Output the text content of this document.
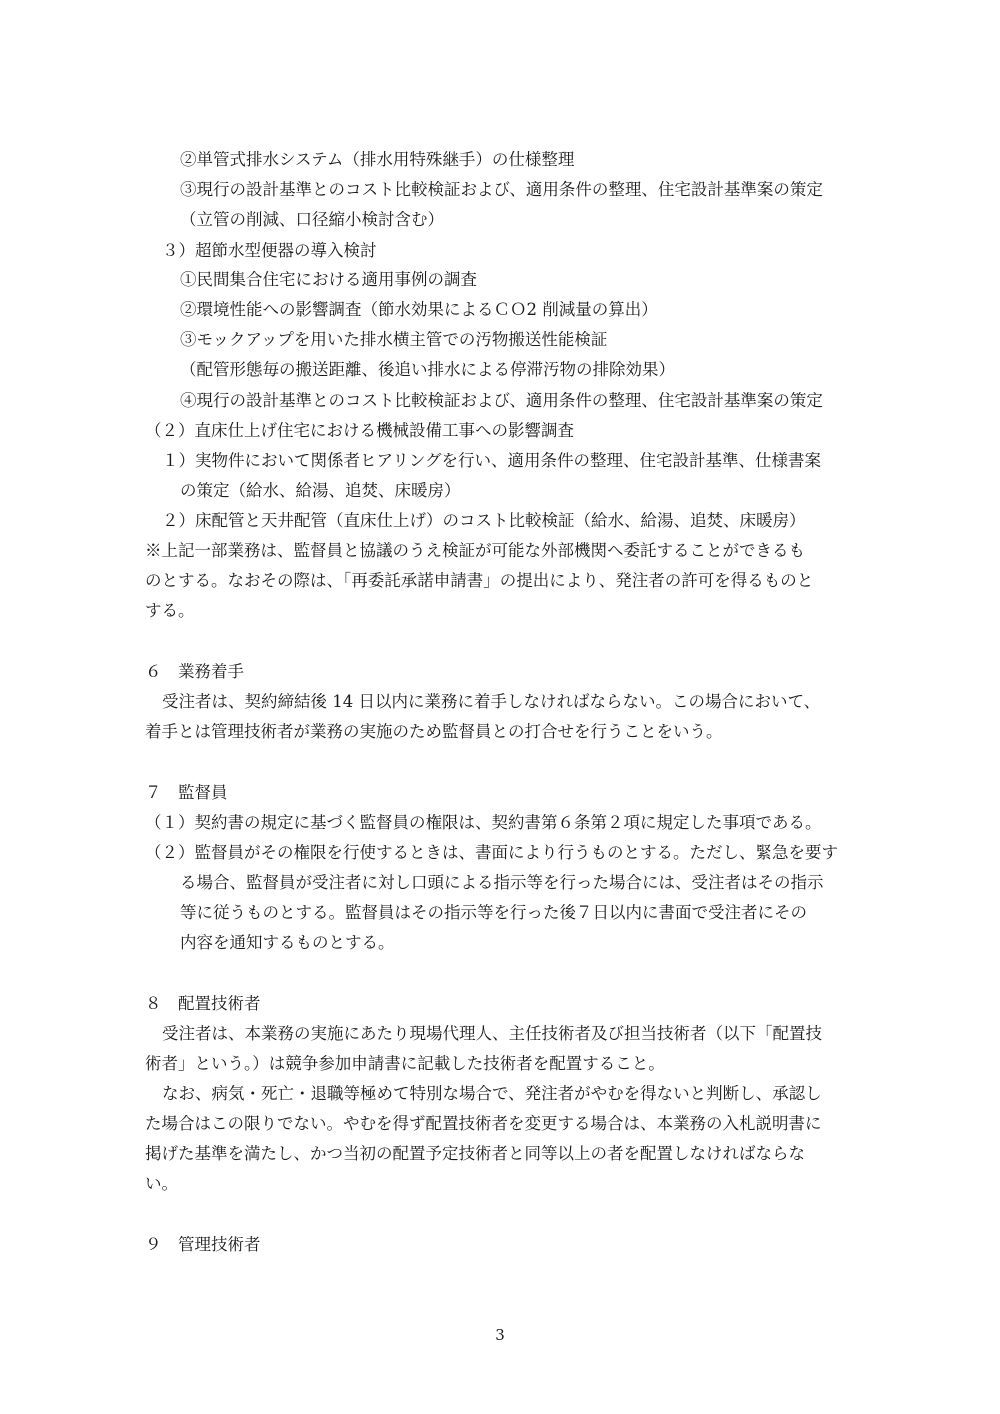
②単管式排水システム（排水用特殊継手）の仕様整理
③現行の設計基準とのコスト比較検証および、適用条件の整理、住宅設計基準案の策定
（立管の削減、口径縮小検討含む）
３）超節水型便器の導入検討
①民間集合住宅における適用事例の調査
②環境性能への影響調査（節水効果によるＣＯ2 削減量の算出）
③モックアップを用いた排水横主管での汚物搬送性能検証
（配管形態毎の搬送距離、後追い排水による停滞汚物の排除効果）
④現行の設計基準とのコスト比較検証および、適用条件の整理、住宅設計基準案の策定
（２）直床仕上げ住宅における機械設備工事への影響調査
１）実物件において関係者ヒアリングを行い、適用条件の整理、住宅設計基準、仕様書案
の策定（給水、給湯、追焚、床暖房）
２）床配管と天井配管（直床仕上げ）のコスト比較検証（給水、給湯、追焚、床暖房）
※上記一部業務は、監督員と協議のうえ検証が可能な外部機関へ委託することができるも
のとする。なおその際は、「再委託承諾申請書」の提出により、発注者の許可を得るものと
する。
６　業務着手
受注者は、契約締結後 14 日以内に業務に着手しなければならない。この場合において、
着手とは管理技術者が業務の実施のため監督員との打合せを行うことをいう。
７　監督員
（１）契約書の規定に基づく監督員の権限は、契約書第６条第２項に規定した事項である。
（２）監督員がその権限を行使するときは、書面により行うものとする。ただし、緊急を要す
る場合、監督員が受注者に対し口頭による指示等を行った場合には、受注者はその指示
等に従うものとする。監督員はその指示等を行った後７日以内に書面で受注者にその
内容を通知するものとする。
８　配置技術者
受注者は、本業務の実施にあたり現場代理人、主任技術者及び担当技術者（以下「配置技
術者」という。）は競争参加申請書に記載した技術者を配置すること。
なお、病気・死亡・退職等極めて特別な場合で、発注者がやむを得ないと判断し、承認し
た場合はこの限りでない。やむを得ず配置技術者を変更する場合は、本業務の入札説明書に
掲げた基準を満たし、かつ当初の配置予定技術者と同等以上の者を配置しなければならな
い。
９　管理技術者
3
